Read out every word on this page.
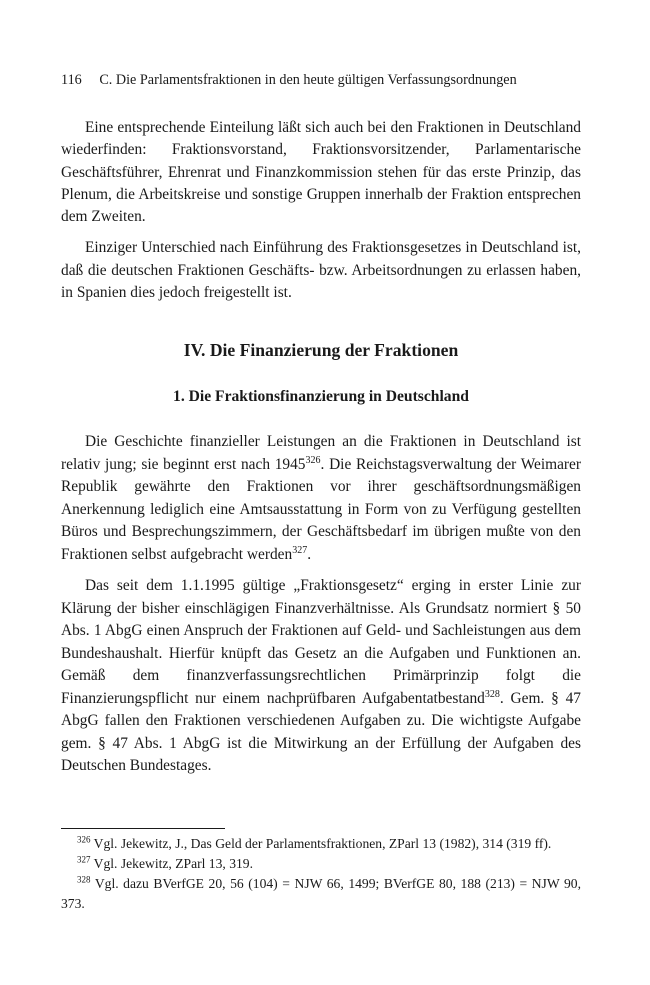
116 C. Die Parlamentsfraktionen in den heute gültigen Verfassungsordnungen

Eine entsprechende Einteilung läßt sich auch bei den Fraktionen in Deutschland wiederfinden: Fraktionsvorstand, Fraktionsvorsitzender, Parlamentarische Geschäftsführer, Ehrenrat und Finanzkommission stehen für das erste Prinzip, das Plenum, die Arbeitskreise und sonstige Gruppen innerhalb der Fraktion entsprechen dem Zweiten.

Einziger Unterschied nach Einführung des Fraktionsgesetzes in Deutschland ist, daß die deutschen Fraktionen Geschäfts- bzw. Arbeitsordnungen zu erlassen haben, in Spanien dies jedoch freigestellt ist.

IV. Die Finanzierung der Fraktionen
1. Die Fraktionsfinanzierung in Deutschland

Die Geschichte finanzieller Leistungen an die Fraktionen in Deutschland ist relativ jung; sie beginnt erst nach 1945$^{326}$. Die Reichstagsverwaltung der Weimarer Republik gewährte den Fraktionen vor ihrer geschäftsordnungsmäßigen Anerkennung lediglich eine Amtsausstattung in Form von zu Verfügung gestellten Büros und Besprechungszimmern, der Geschäftsbedarf im übrigen mußte von den Fraktionen selbst aufgebracht werden$^{327}$.

Das seit dem 1.1.1995 gültige „Fraktionsgesetz“ erging in erster Linie zur Klärung der bisher einschlägigen Finanzverhältnisse. Als Grundsatz normiert § 50 Abs. 1 AbgG einen Anspruch der Fraktionen auf Geld- und Sachleistungen aus dem Bundeshaushalt. Hierfür knüpft das Gesetz an die Aufgaben und Funktionen an. Gemäß dem finanzverfassungsrechtlichen Primärprinzip folgt die Finanzierungspflicht nur einem nachprüfbaren Aufgabentatbestand$^{328}$. Gem. § 47 AbgG fallen den Fraktionen verschiedenen Aufgaben zu. Die wichtigste Aufgabe gem. § 47 Abs. 1 AbgG ist die Mitwirkung an der Erfüllung der Aufgaben des Deutschen Bundestages.

$^{326}$ Vgl. Jekewitz, J., Das Geld der Parlamentsfraktionen, ZParl 13 (1982), 314 (319 ff).

$^{327}$ Vgl. Jekewitz, ZParl 13, 319.

$^{328}$ Vgl. dazu BVerfGE 20, 56 (104) = NJW 66, 1499; BVerfGE 80, 188 (213) = NJW 90, 373.
